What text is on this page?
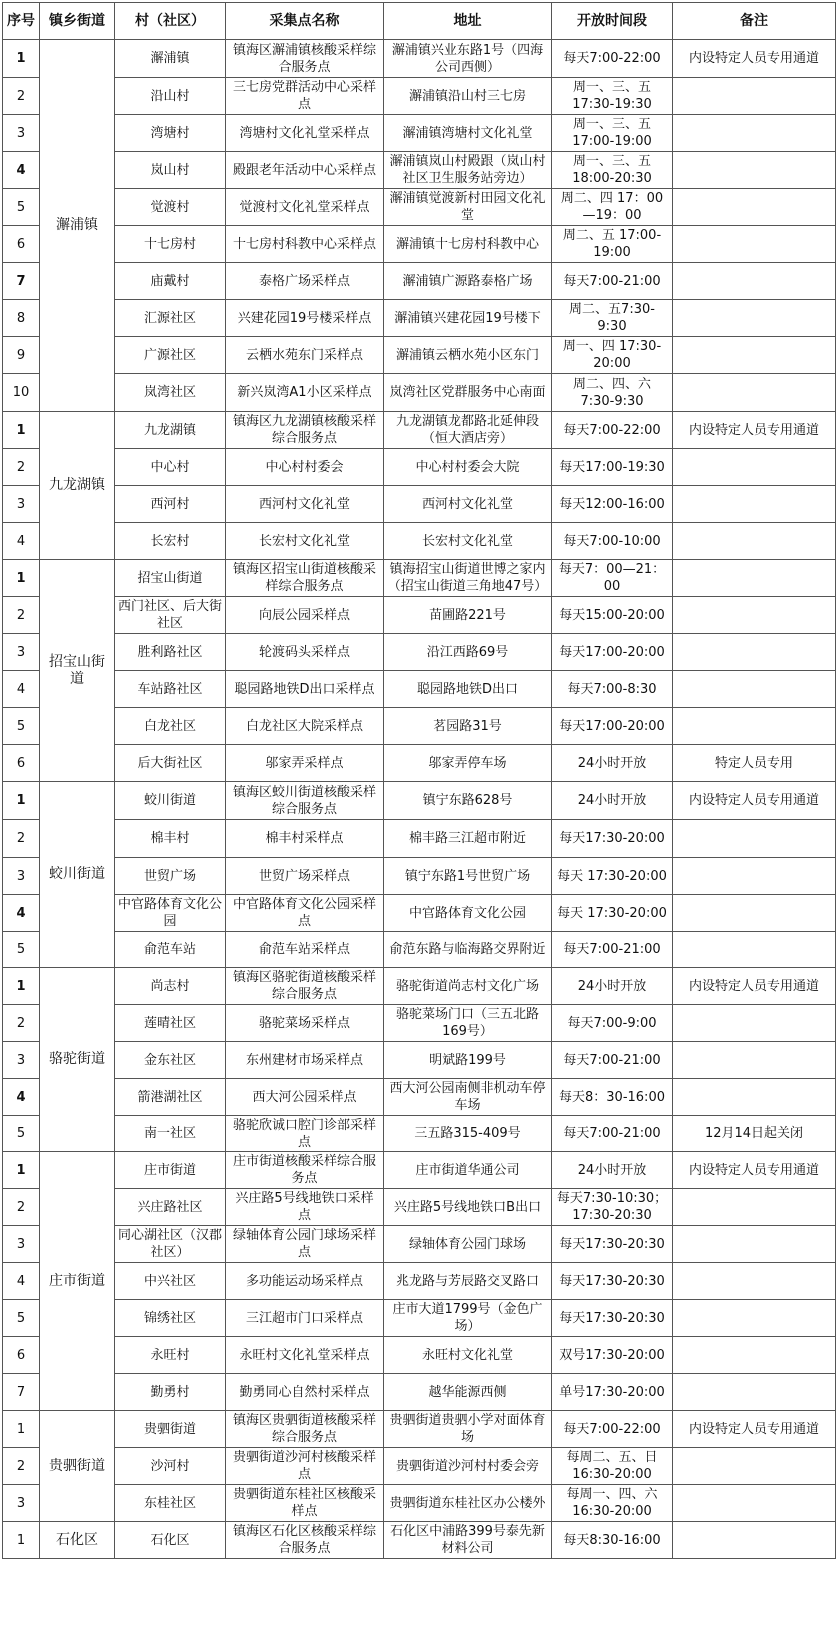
序号	镇乡街道	村（社区）	采集点名称	地址	开放时间段	备注
1	澥浦镇	澥浦镇	镇海区澥浦镇核酸采样综合服务点	澥浦镇兴业东路1号（四海公司西侧）	每天7:00-22:00	内设特定人员专用通道
2		沿山村	三七房党群活动中心采样点	澥浦镇沿山村三七房	周一、三、五 17:30-19:30	
3		湾塘村	湾塘村文化礼堂采样点	澥浦镇湾塘村文化礼堂	周一、三、五 17:00-19:00	
4		岚山村	殿跟老年活动中心采样点	澥浦镇岚山村殿跟（岚山村社区卫生服务站旁边）	周一、三、五 18:00-20:30	
5		觉渡村	觉渡村文化礼堂采样点	澥浦镇觉渡新村田园文化礼堂	周二、四 17：00—19：00	
6		十七房村	十七房村科教中心采样点	澥浦镇十七房村科教中心	周二、五 17:00-19:00	
7		庙戴村	泰格广场采样点	澥浦镇广源路泰格广场	每天7:00-21:00	
8		汇源社区	兴建花园19号楼采样点	澥浦镇兴建花园19号楼下	周二、五7:30-9:30	
9		广源社区	云栖水苑东门采样点	澥浦镇云栖水苑小区东门	周一、四 17:30-20:00	
10		岚湾社区	新兴岚湾A1小区采样点	岚湾社区党群服务中心南面	周二、四、六 7:30-9:30	
1	九龙湖镇	九龙湖镇	镇海区九龙湖镇核酸采样综合服务点	九龙湖镇龙都路北延伸段（恒大酒店旁）	每天7:00-22:00	内设特定人员专用通道
2		中心村	中心村村委会	中心村村委会大院	每天17:00-19:30	
3		西河村	西河村文化礼堂	西河村文化礼堂	每天12:00-16:00	
4		长宏村	长宏村文化礼堂	长宏村文化礼堂	每天7:00-10:00	
1	招宝山街道	招宝山街道	镇海区招宝山街道核酸采样综合服务点	镇海招宝山街道世博之家内（招宝山街道三角地47号）	每天7：00—21：00	
2		西门社区、后大街社区	向辰公园采样点	苗圃路221号	每天15:00-20:00	
3		胜利路社区	轮渡码头采样点	沿江西路69号	每天17:00-20:00	
4		车站路社区	聪园路地铁D出口采样点	聪园路地铁D出口	每天7:00-8:30	
5		白龙社区	白龙社区大院采样点	茗园路31号	每天17:00-20:00	
6		后大街社区	邬家弄采样点	邬家弄停车场	24小时开放	特定人员专用
1	蛟川街道	蛟川街道	镇海区蛟川街道核酸采样综合服务点	镇宁东路628号	24小时开放	内设特定人员专用通道
2		棉丰村	棉丰村采样点	棉丰路三江超市附近	每天17:30-20:00	
3		世贸广场	世贸广场采样点	镇宁东路1号世贸广场	每天 17:30-20:00	
4		中官路体育文化公园	中官路体育文化公园采样点	中官路体育文化公园	每天 17:30-20:00	
5		俞范车站	俞范车站采样点	俞范东路与临海路交界附近	每天7:00-21:00	
1	骆驼街道	尚志村	镇海区骆驼街道核酸采样综合服务点	骆驼街道尚志村文化广场	24小时开放	内设特定人员专用通道
2		莲晴社区	骆驼菜场采样点	骆驼菜场门口（三五北路169号）	每天7:00-9:00	
3		金东社区	东州建材市场采样点	明斌路199号	每天7:00-21:00	
4		箭港湖社区	西大河公园采样点	西大河公园南侧非机动车停车场	每天8：30-16:00	
5		南一社区	骆驼欣诚口腔门诊部采样点	三五路315-409号	每天7:00-21:00	12月14日起关闭
1	庄市街道	庄市街道	庄市街道核酸采样综合服务点	庄市街道华通公司	24小时开放	内设特定人员专用通道
2		兴庄路社区	兴庄路5号线地铁口采样点	兴庄路5号线地铁口B出口	每天7:30-10:30；17:30-20:30	
3		同心湖社区（汉郡社区）	绿轴体育公园门球场采样点	绿轴体育公园门球场	每天17:30-20:30	
4		中兴社区	多功能运动场采样点	兆龙路与芳辰路交叉路口	每天17:30-20:30	
5		锦绣社区	三江超市门口采样点	庄市大道1799号（金色广场）	每天17:30-20:30	
6		永旺村	永旺村文化礼堂采样点	永旺村文化礼堂	双号17:30-20:00	
7		勤勇村	勤勇同心自然村采样点	越华能源西侧	单号17:30-20:00	
1	贵驷街道	贵驷街道	镇海区贵驷街道核酸采样综合服务点	贵驷街道贵驷小学对面体育场	每天7:00-22:00	内设特定人员专用通道
2		沙河村	贵驷街道沙河村核酸采样点	贵驷街道沙河村村委会旁	每周二、五、日 16:30-20:00	
3		东桂社区	贵驷街道东桂社区核酸采样点	贵驷街道东桂社区办公楼外	每周一、四、六 16:30-20:00	
1	石化区	石化区	镇海区石化区核酸采样综合服务点	石化区中浦路399号泰先新材料公司	每天8:30-16:00	
